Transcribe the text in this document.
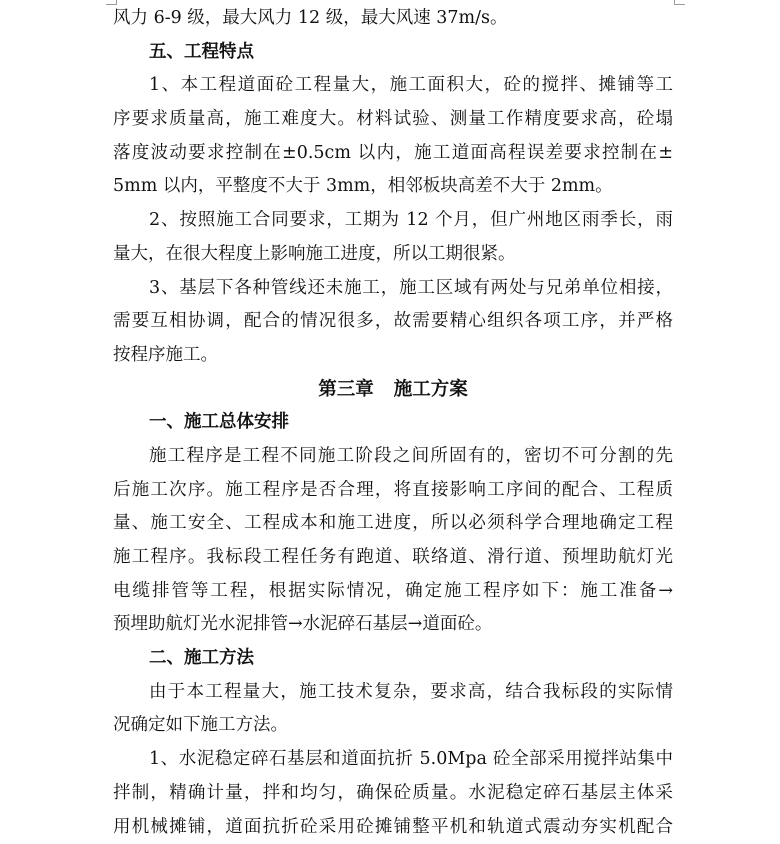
风力 6-9 级，最大风力 12 级，最大风速 37m/s。
五、工程特点
1、本工程道面砼工程量大，施工面积大，砼的搅拌、摊铺等工
序要求质量高，施工难度大。材料试验、测量工作精度要求高，砼塌
落度波动要求控制在±0.5cm 以内，施工道面高程误差要求控制在±
5mm 以内，平整度不大于 3mm，相邻板块高差不大于 2mm。
2、按照施工合同要求，工期为 12 个月，但广州地区雨季长，雨
量大，在很大程度上影响施工进度，所以工期很紧。
3、基层下各种管线还未施工，施工区域有两处与兄弟单位相接，
需要互相协调，配合的情况很多，故需要精心组织各项工序，并严格
按程序施工。
第三章 施工方案
一、施工总体安排
施工程序是工程不同施工阶段之间所固有的，密切不可分割的先
后施工次序。施工程序是否合理，将直接影响工序间的配合、工程质
量、施工安全、工程成本和施工进度，所以必须科学合理地确定工程
施工程序。我标段工程任务有跑道、联络道、滑行道、预埋助航灯光
电缆排管等工程，根据实际情况，确定施工程序如下：施工准备→
预埋助航灯光水泥排管→水泥碎石基层→道面砼。
二、施工方法
由于本工程量大，施工技术复杂，要求高，结合我标段的实际情
况确定如下施工方法。
1、水泥稳定碎石基层和道面抗折 5.0Mpa 砼全部采用搅拌站集中
拌制，精确计量，拌和均匀，确保砼质量。水泥稳定碎石基层主体采
用机械摊铺，道面抗折砼采用砼摊铺整平机和轨道式震动夯实机配合
